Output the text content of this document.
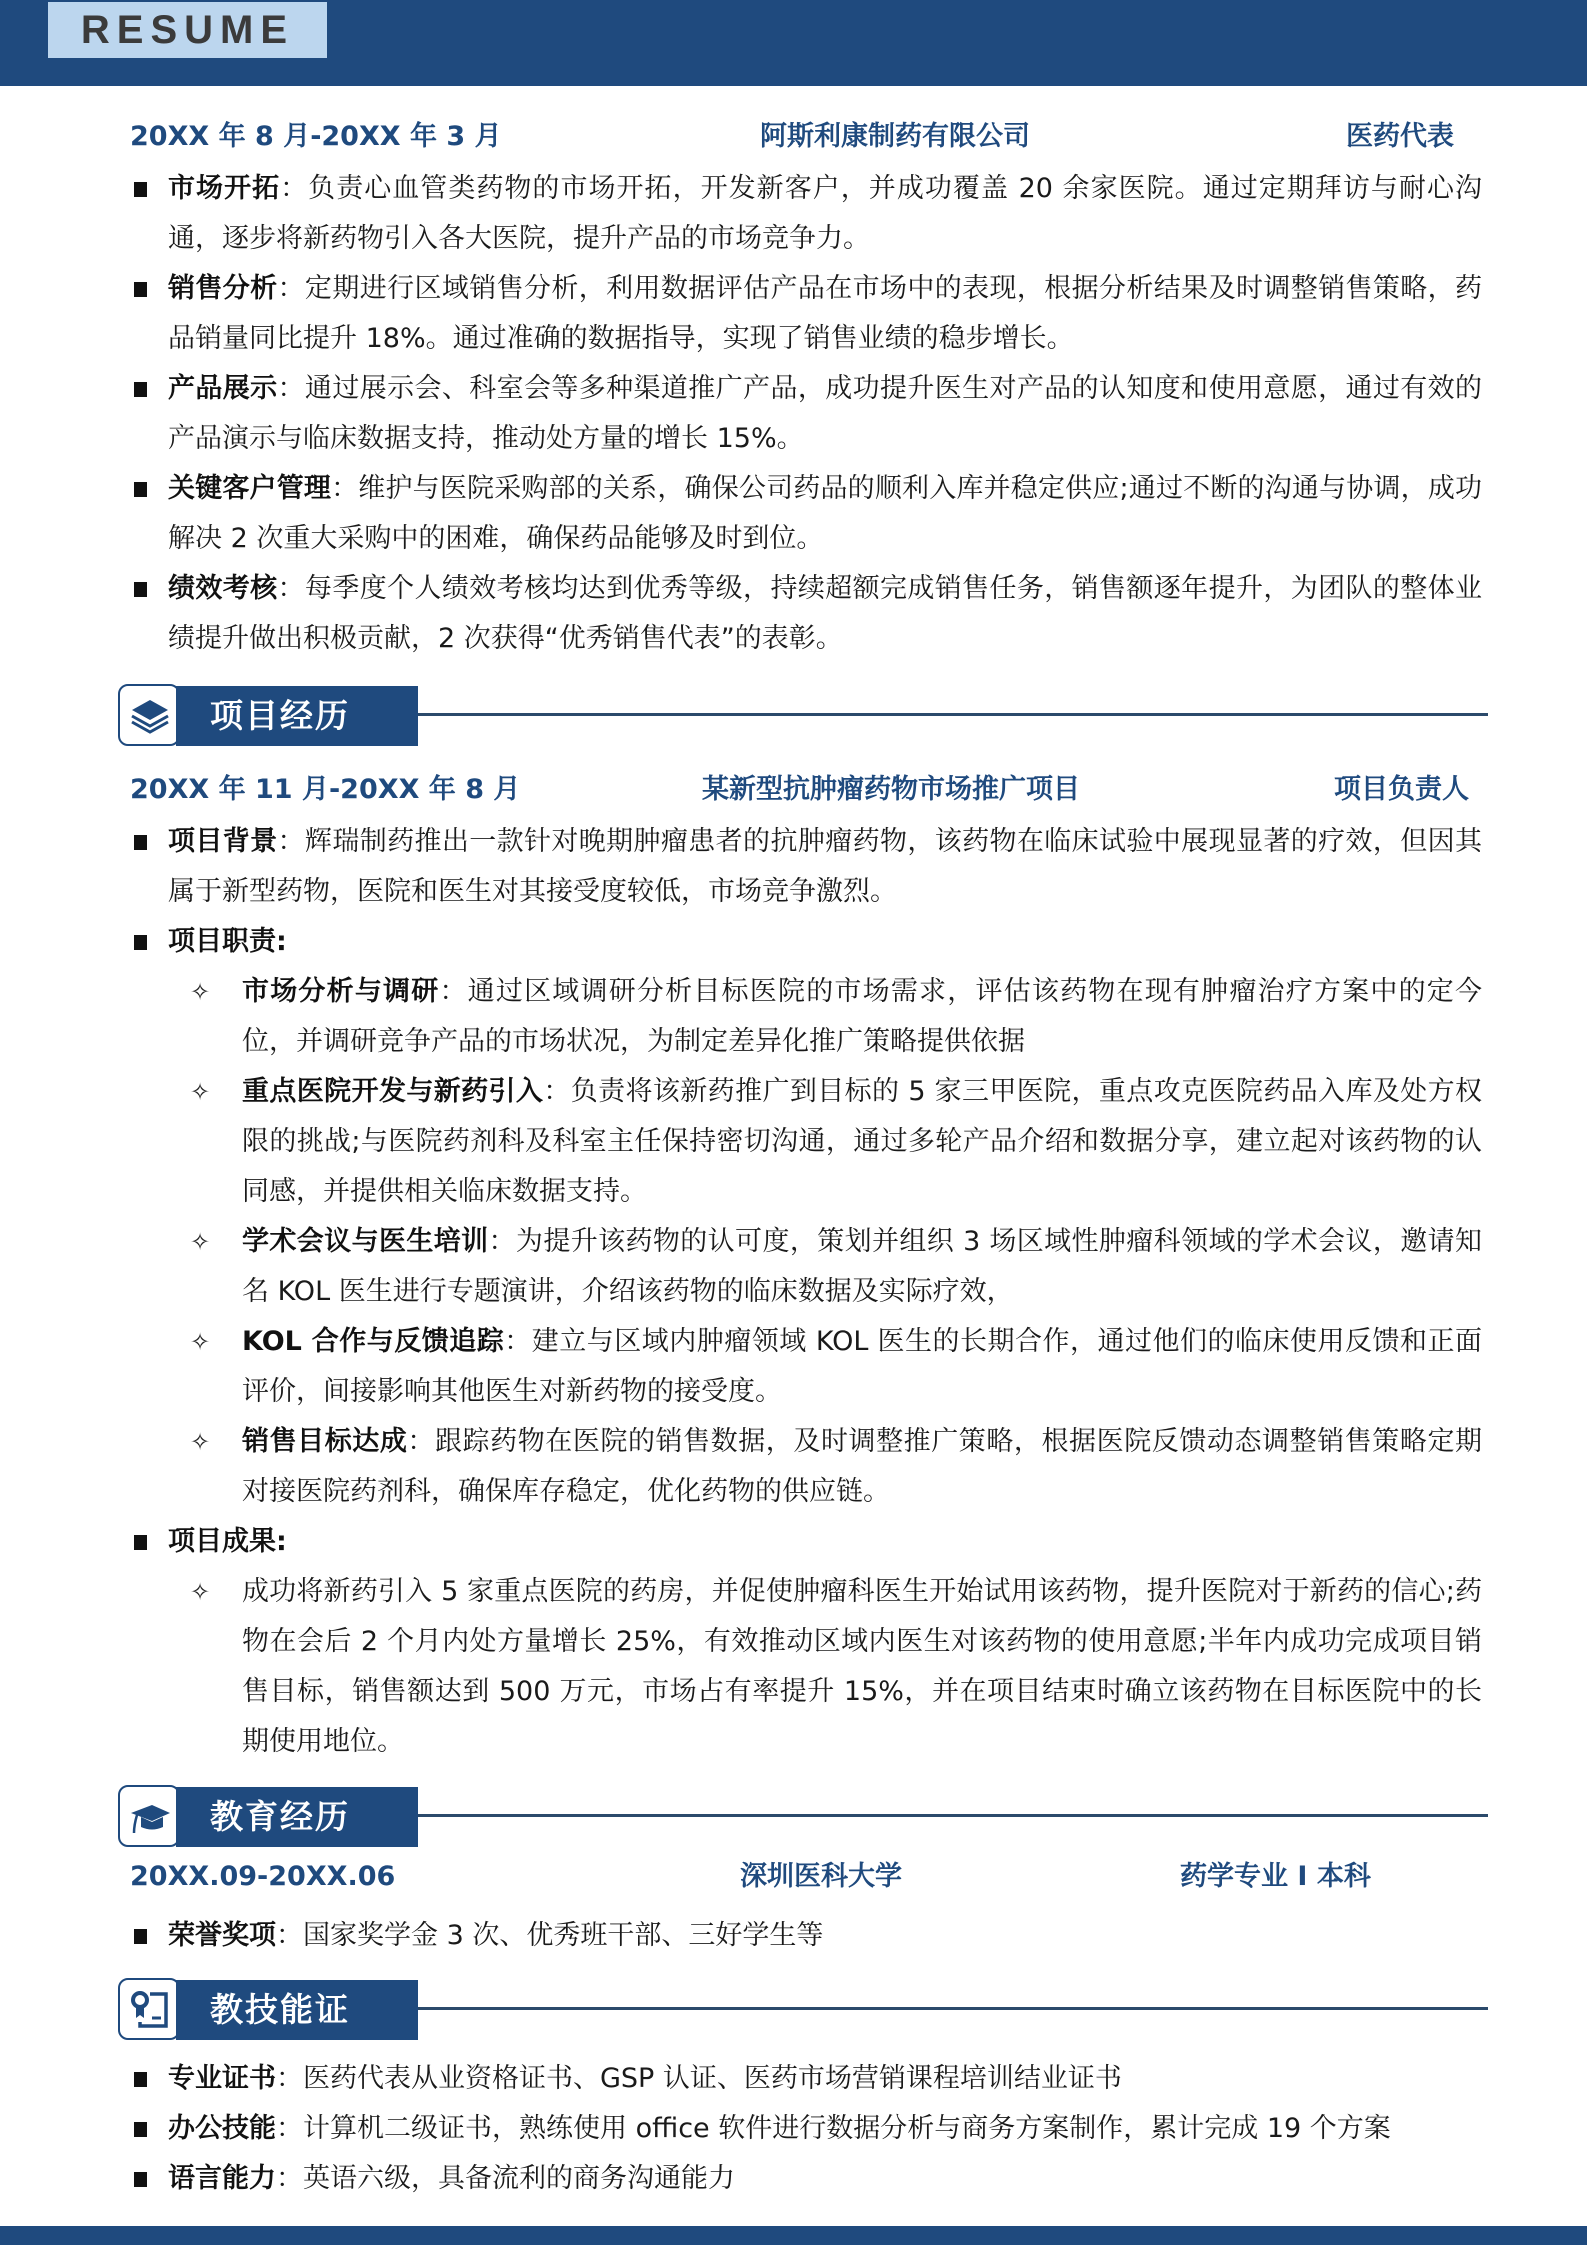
RESUME
20XX 年 8 月-20XX 年 3 月	阿斯利康制药有限公司	医药代表
市场开拓：负责心血管类药物的市场开拓，开发新客户，并成功覆盖 20 余家医院。通过定期拜访与耐心沟通，逐步将新药物引入各大医院，提升产品的市场竞争力。
销售分析：定期进行区域销售分析，利用数据评估产品在市场中的表现，根据分析结果及时调整销售策略，药品销量同比提升 18%。通过准确的数据指导，实现了销售业绩的稳步增长。
产品展示：通过展示会、科室会等多种渠道推广产品，成功提升医生对产品的认知度和使用意愿，通过有效的产品演示与临床数据支持，推动处方量的增长 15%。
关键客户管理：维护与医院采购部的关系，确保公司药品的顺利入库并稳定供应;通过不断的沟通与协调，成功解决 2 次重大采购中的困难，确保药品能够及时到位。
绩效考核：每季度个人绩效考核均达到优秀等级，持续超额完成销售任务，销售额逐年提升，为团队的整体业绩提升做出积极贡献，2 次获得“优秀销售代表”的表彰。
项目经历
20XX 年 11 月-20XX 年 8 月	某新型抗肿瘤药物市场推广项目	项目负责人
项目背景：辉瑞制药推出一款针对晚期肿瘤患者的抗肿瘤药物，该药物在临床试验中展现显著的疗效，但因其属于新型药物，医院和医生对其接受度较低，市场竞争激烈。
项目职责:
✧	市场分析与调研：通过区域调研分析目标医院的市场需求，评估该药物在现有肿瘤治疗方案中的定今位，并调研竞争产品的市场状况，为制定差异化推广策略提供依据
✧	重点医院开发与新药引入：负责将该新药推广到目标的 5 家三甲医院，重点攻克医院药品入库及处方权限的挑战;与医院药剂科及科室主任保持密切沟通，通过多轮产品介绍和数据分享，建立起对该药物的认同感，并提供相关临床数据支持。
✧	学术会议与医生培训：为提升该药物的认可度，策划并组织 3 场区域性肿瘤科领域的学术会议，邀请知名 KOL 医生进行专题演讲，介绍该药物的临床数据及实际疗效，
✧	KOL 合作与反馈追踪：建立与区域内肿瘤领域 KOL 医生的长期合作，通过他们的临床使用反馈和正面评价，间接影响其他医生对新药物的接受度。
✧	销售目标达成：跟踪药物在医院的销售数据，及时调整推广策略，根据医院反馈动态调整销售策略定期对接医院药剂科，确保库存稳定，优化药物的供应链。
项目成果:
✧	成功将新药引入 5 家重点医院的药房，并促使肿瘤科医生开始试用该药物，提升医院对于新药的信心;药物在会后 2 个月内处方量增长 25%，有效推动区域内医生对该药物的使用意愿;半年内成功完成项目销售目标，销售额达到 500 万元，市场占有率提升 15%，并在项目结束时确立该药物在目标医院中的长期使用地位。
教育经历
20XX.09-20XX.06	深圳医科大学	药学专业 I 本科
荣誉奖项：国家奖学金 3 次、优秀班干部、三好学生等
教技能证
专业证书：医药代表从业资格证书、GSP 认证、医药市场营销课程培训结业证书
办公技能：计算机二级证书，熟练使用 office 软件进行数据分析与商务方案制作，累计完成 19 个方案
语言能力：英语六级，具备流利的商务沟通能力
